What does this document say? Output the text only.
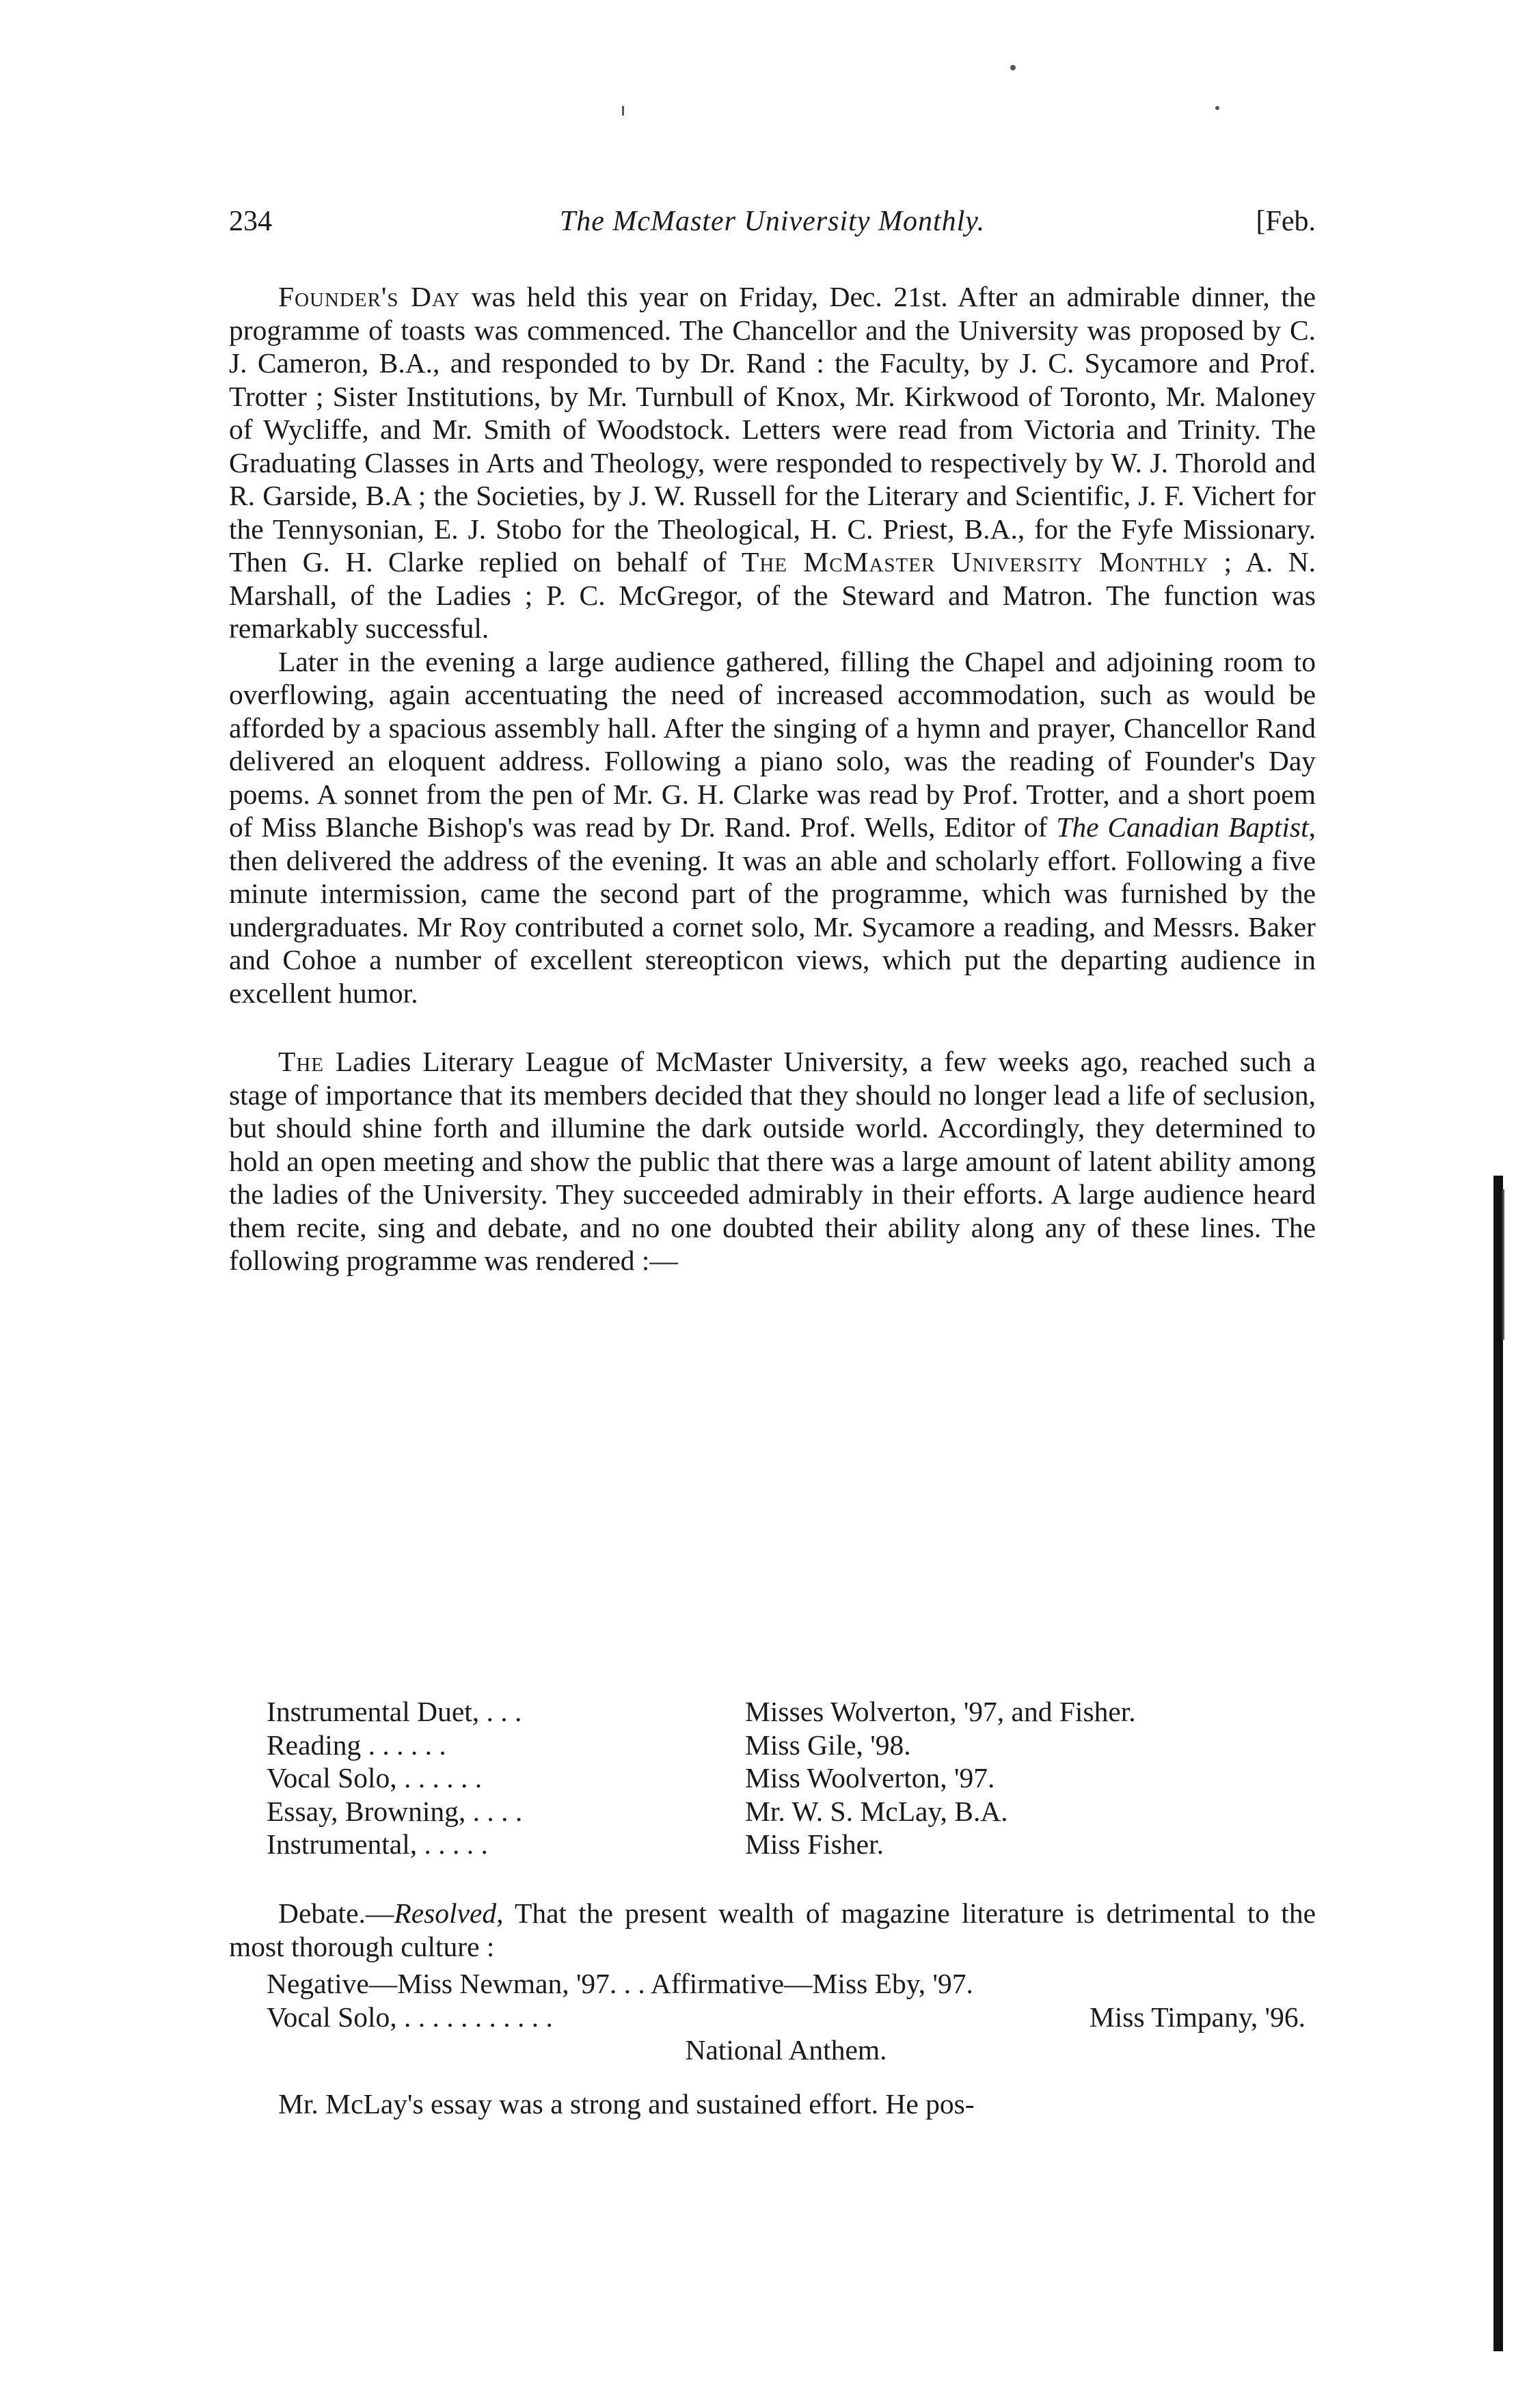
234	The McMaster University Monthly.	[Feb.

Founder's Day was held this year on Friday, Dec. 21st. After an admirable dinner, the programme of toasts was commenced. The Chancellor and the University was proposed by C. J. Cameron, B.A., and responded to by Dr. Rand : the Faculty, by J. C. Sycamore and Prof. Trotter ; Sister Institutions, by Mr. Turnbull of Knox, Mr. Kirkwood of Toronto, Mr. Maloney of Wycliffe, and Mr. Smith of Woodstock. Letters were read from Victoria and Trinity. The Graduating Classes in Arts and Theology, were responded to respectively by W. J. Thorold and R. Garside, B.A ; the Societies, by J. W. Russell for the Literary and Scientific, J. F. Vichert for the Tennysonian, E. J. Stobo for the Theological, H. C. Priest, B.A., for the Fyfe Missionary. Then G. H. Clarke replied on behalf of The McMaster University Monthly ; A. N. Marshall, of the Ladies ; P. C. McGregor, of the Steward and Matron. The function was remarkably successful.

Later in the evening a large audience gathered, filling the Chapel and adjoining room to overflowing, again accentuating the need of increased accommodation, such as would be afforded by a spacious assembly hall. After the singing of a hymn and prayer, Chancellor Rand delivered an eloquent address. Following a piano solo, was the reading of Founder's Day poems. A sonnet from the pen of Mr. G. H. Clarke was read by Prof. Trotter, and a short poem of Miss Blanche Bishop's was read by Dr. Rand. Prof. Wells, Editor of The Canadian Baptist, then delivered the address of the evening. It was an able and scholarly effort. Following a five minute intermission, came the second part of the programme, which was furnished by the undergraduates. Mr Roy contributed a cornet solo, Mr. Sycamore a reading, and Messrs. Baker and Cohoe a number of excellent stereopticon views, which put the departing audience in excellent humor.

The Ladies Literary League of McMaster University, a few weeks ago, reached such a stage of importance that its members decided that they should no longer lead a life of seclusion, but should shine forth and illumine the dark outside world. Accordingly, they determined to hold an open meeting and show the public that there was a large amount of latent ability among the ladies of the University. They succeeded admirably in their efforts. A large audience heard them recite, sing and debate, and no one doubted their ability along any of these lines. The following programme was rendered :—

Instrumental Duet, . . .	Misses Wolverton, '97, and Fisher.
Reading . . . . . .	Miss Gile, '98.
Vocal Solo, . . . . . .	Miss Woolverton, '97.
Essay, Browning, . . . .	Mr. W. S. McLay, B.A.
Instrumental, . . . . .	Miss Fisher.

Debate.—Resolved, That the present wealth of magazine literature is detrimental to the most thorough culture :

Negative—Miss Newman, '97. . . Affirmative—Miss Eby, '97.
Vocal Solo, . . . . . . . . . . .	Miss Timpany, '96.
National Anthem.

Mr. McLay's essay was a strong and sustained effort. He pos-
